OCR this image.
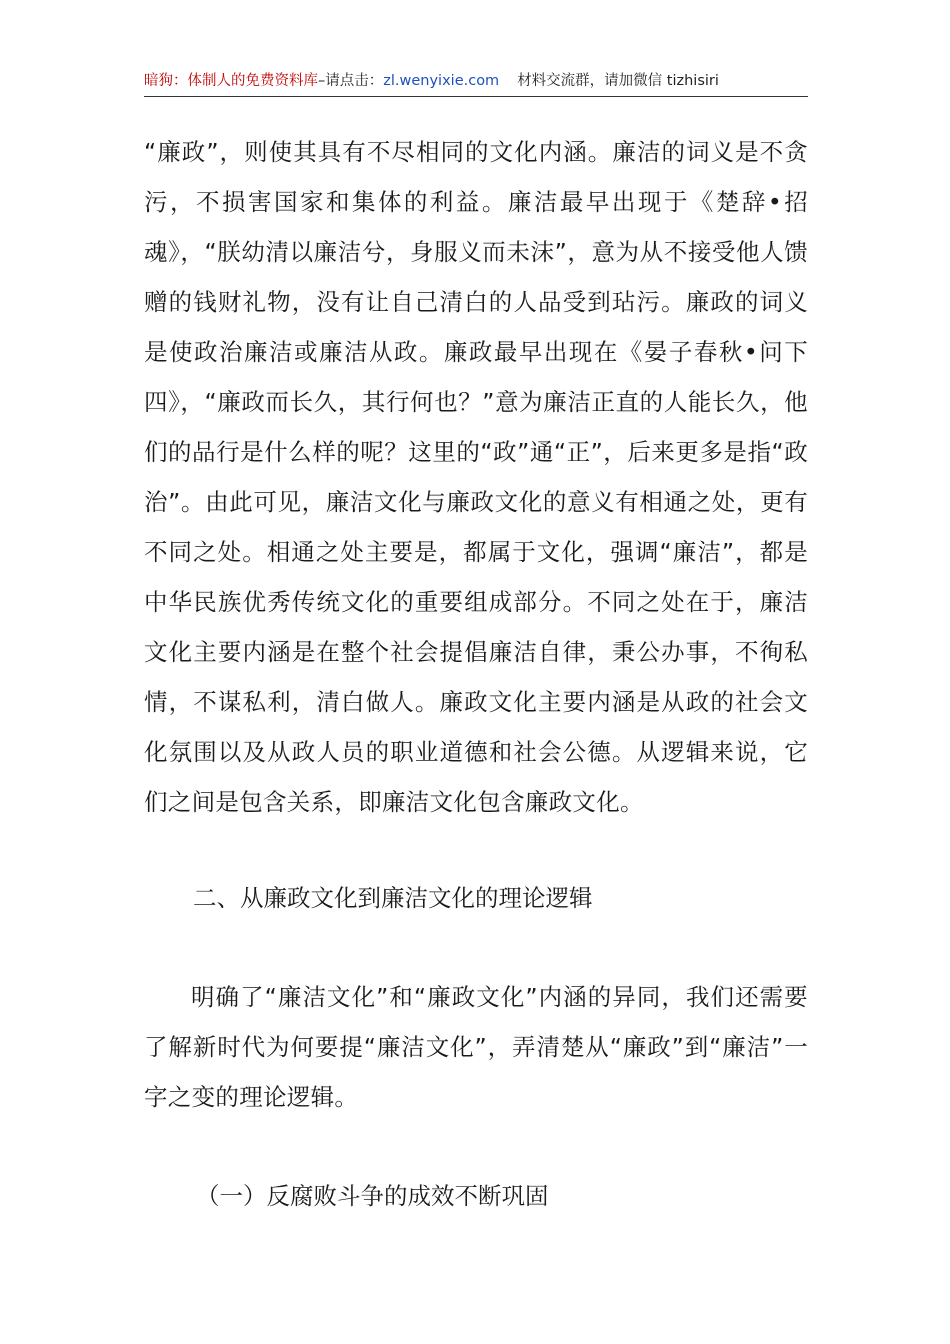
暗狗：体制人的免费资料库 –请点击： zl.wenyixie.com 材料交流群，请加微信 tizhisiri

“廉政”，则使其具有不尽相同的文化内涵。廉洁的词义是不贪污，不损害国家和集体的利益。廉洁最早出现于《楚辞•招魂》，“朕幼清以廉洁兮，身服义而未沫”，意为从不接受他人馈赠的钱财礼物，没有让自己清白的人品受到玷污。廉政的词义是使政治廉洁或廉洁从政。廉政最早出现在《晏子春秋•问下四》，“廉政而长久，其行何也？”意为廉洁正直的人能长久，他们的品行是什么样的呢？这里的“政”通“正”，后来更多是指“政治”。由此可见，廉洁文化与廉政文化的意义有相通之处，更有不同之处。相通之处主要是，都属于文化，强调“廉洁”，都是中华民族优秀传统文化的重要组成部分。不同之处在于，廉洁文化主要内涵是在整个社会提倡廉洁自律，秉公办事，不徇私情，不谋私利，清白做人。廉政文化主要内涵是从政的社会文化氛围以及从政人员的职业道德和社会公德。从逻辑来说，它们之间是包含关系，即廉洁文化包含廉政文化。

二、从廉政文化到廉洁文化的理论逻辑

明确了“廉洁文化”和“廉政文化”内涵的异同，我们还需要了解新时代为何要提“廉洁文化”，弄清楚从“廉政”到“廉洁”一字之变的理论逻辑。

（一）反腐败斗争的成效不断巩固
